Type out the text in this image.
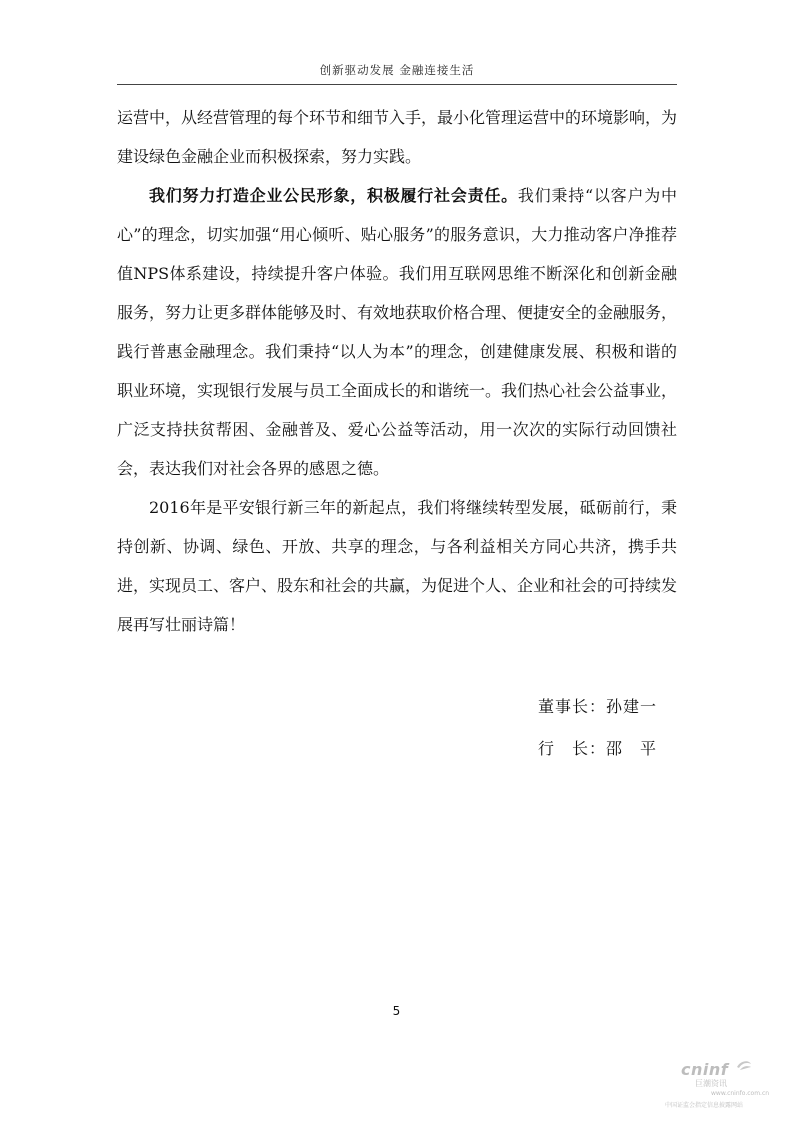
创新驱动发展 金融连接生活

运营中，从经营管理的每个环节和细节入手，最小化管理运营中的环境影响，为建设绿色金融企业而积极探索，努力实践。

我们努力打造企业公民形象，积极履行社会责任。我们秉持“以客户为中心”的理念，切实加强“用心倾听、贴心服务”的服务意识，大力推动客户净推荐值NPS体系建设，持续提升客户体验。我们用互联网思维不断深化和创新金融服务，努力让更多群体能够及时、有效地获取价格合理、便捷安全的金融服务，践行普惠金融理念。我们秉持“以人为本”的理念，创建健康发展、积极和谐的职业环境，实现银行发展与员工全面成长的和谐统一。我们热心社会公益事业，广泛支持扶贫帮困、金融普及、爱心公益等活动，用一次次的实际行动回馈社会，表达我们对社会各界的感恩之德。

2016年是平安银行新三年的新起点，我们将继续转型发展，砥砺前行，秉持创新、协调、绿色、开放、共享的理念，与各利益相关方同心共济，携手共进，实现员工、客户、股东和社会的共赢，为促进个人、企业和社会的可持续发展再写壮丽诗篇！

董事长：孙建一
行　长：邵　平
5
cninf
巨潮资讯
www.cninfo.com.cn
中国证监会指定信息披露网站
